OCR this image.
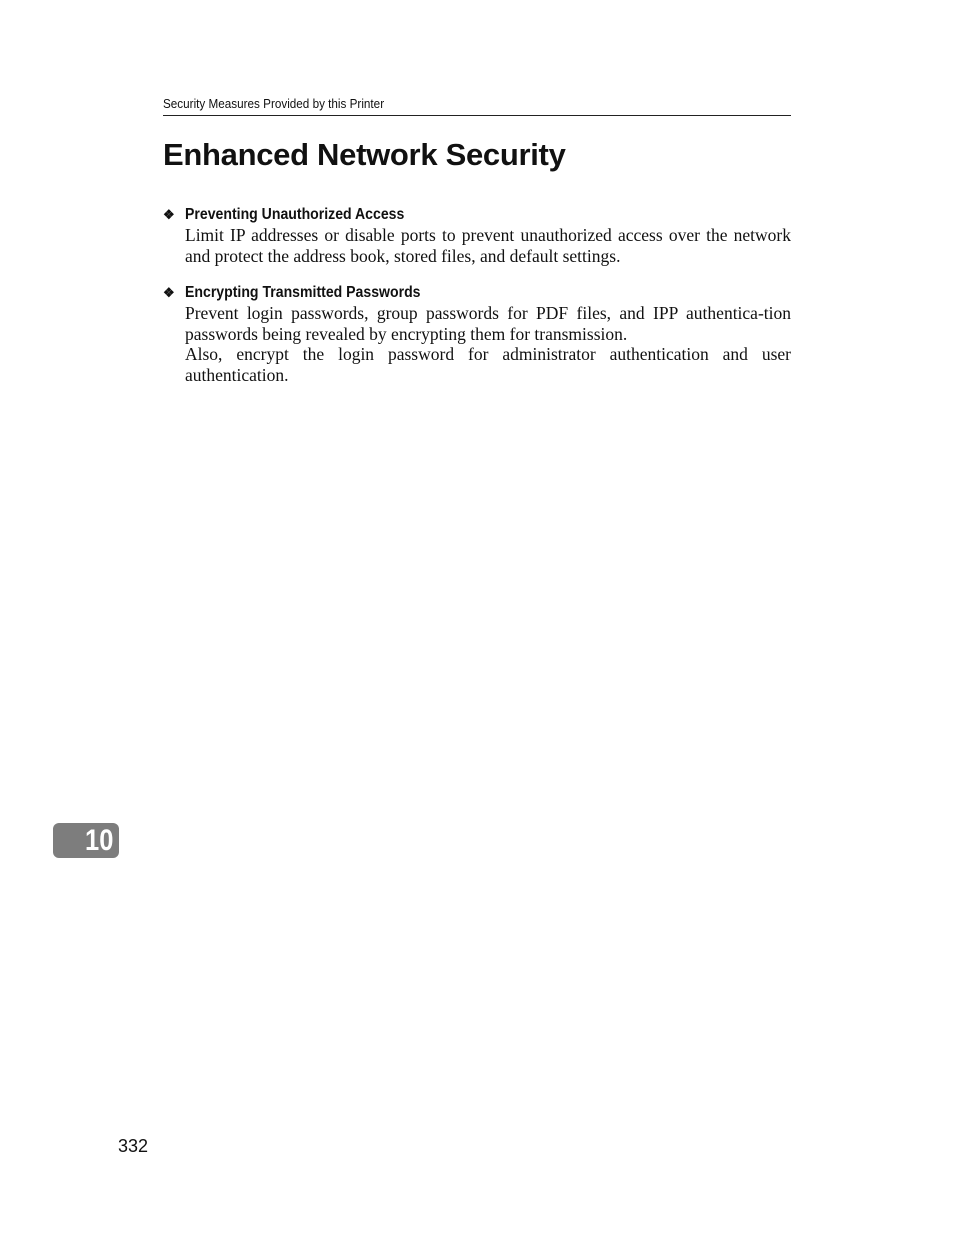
Security Measures Provided by this Printer
Enhanced Network Security
❖ Preventing Unauthorized Access

Limit IP addresses or disable ports to prevent unauthorized access over the network and protect the address book, stored files, and default settings.

❖ Encrypting Transmitted Passwords

Prevent login passwords, group passwords for PDF files, and IPP authentica-tion passwords being revealed by encrypting them for transmission.

Also, encrypt the login password for administrator authentication and user authentication.

10
332
